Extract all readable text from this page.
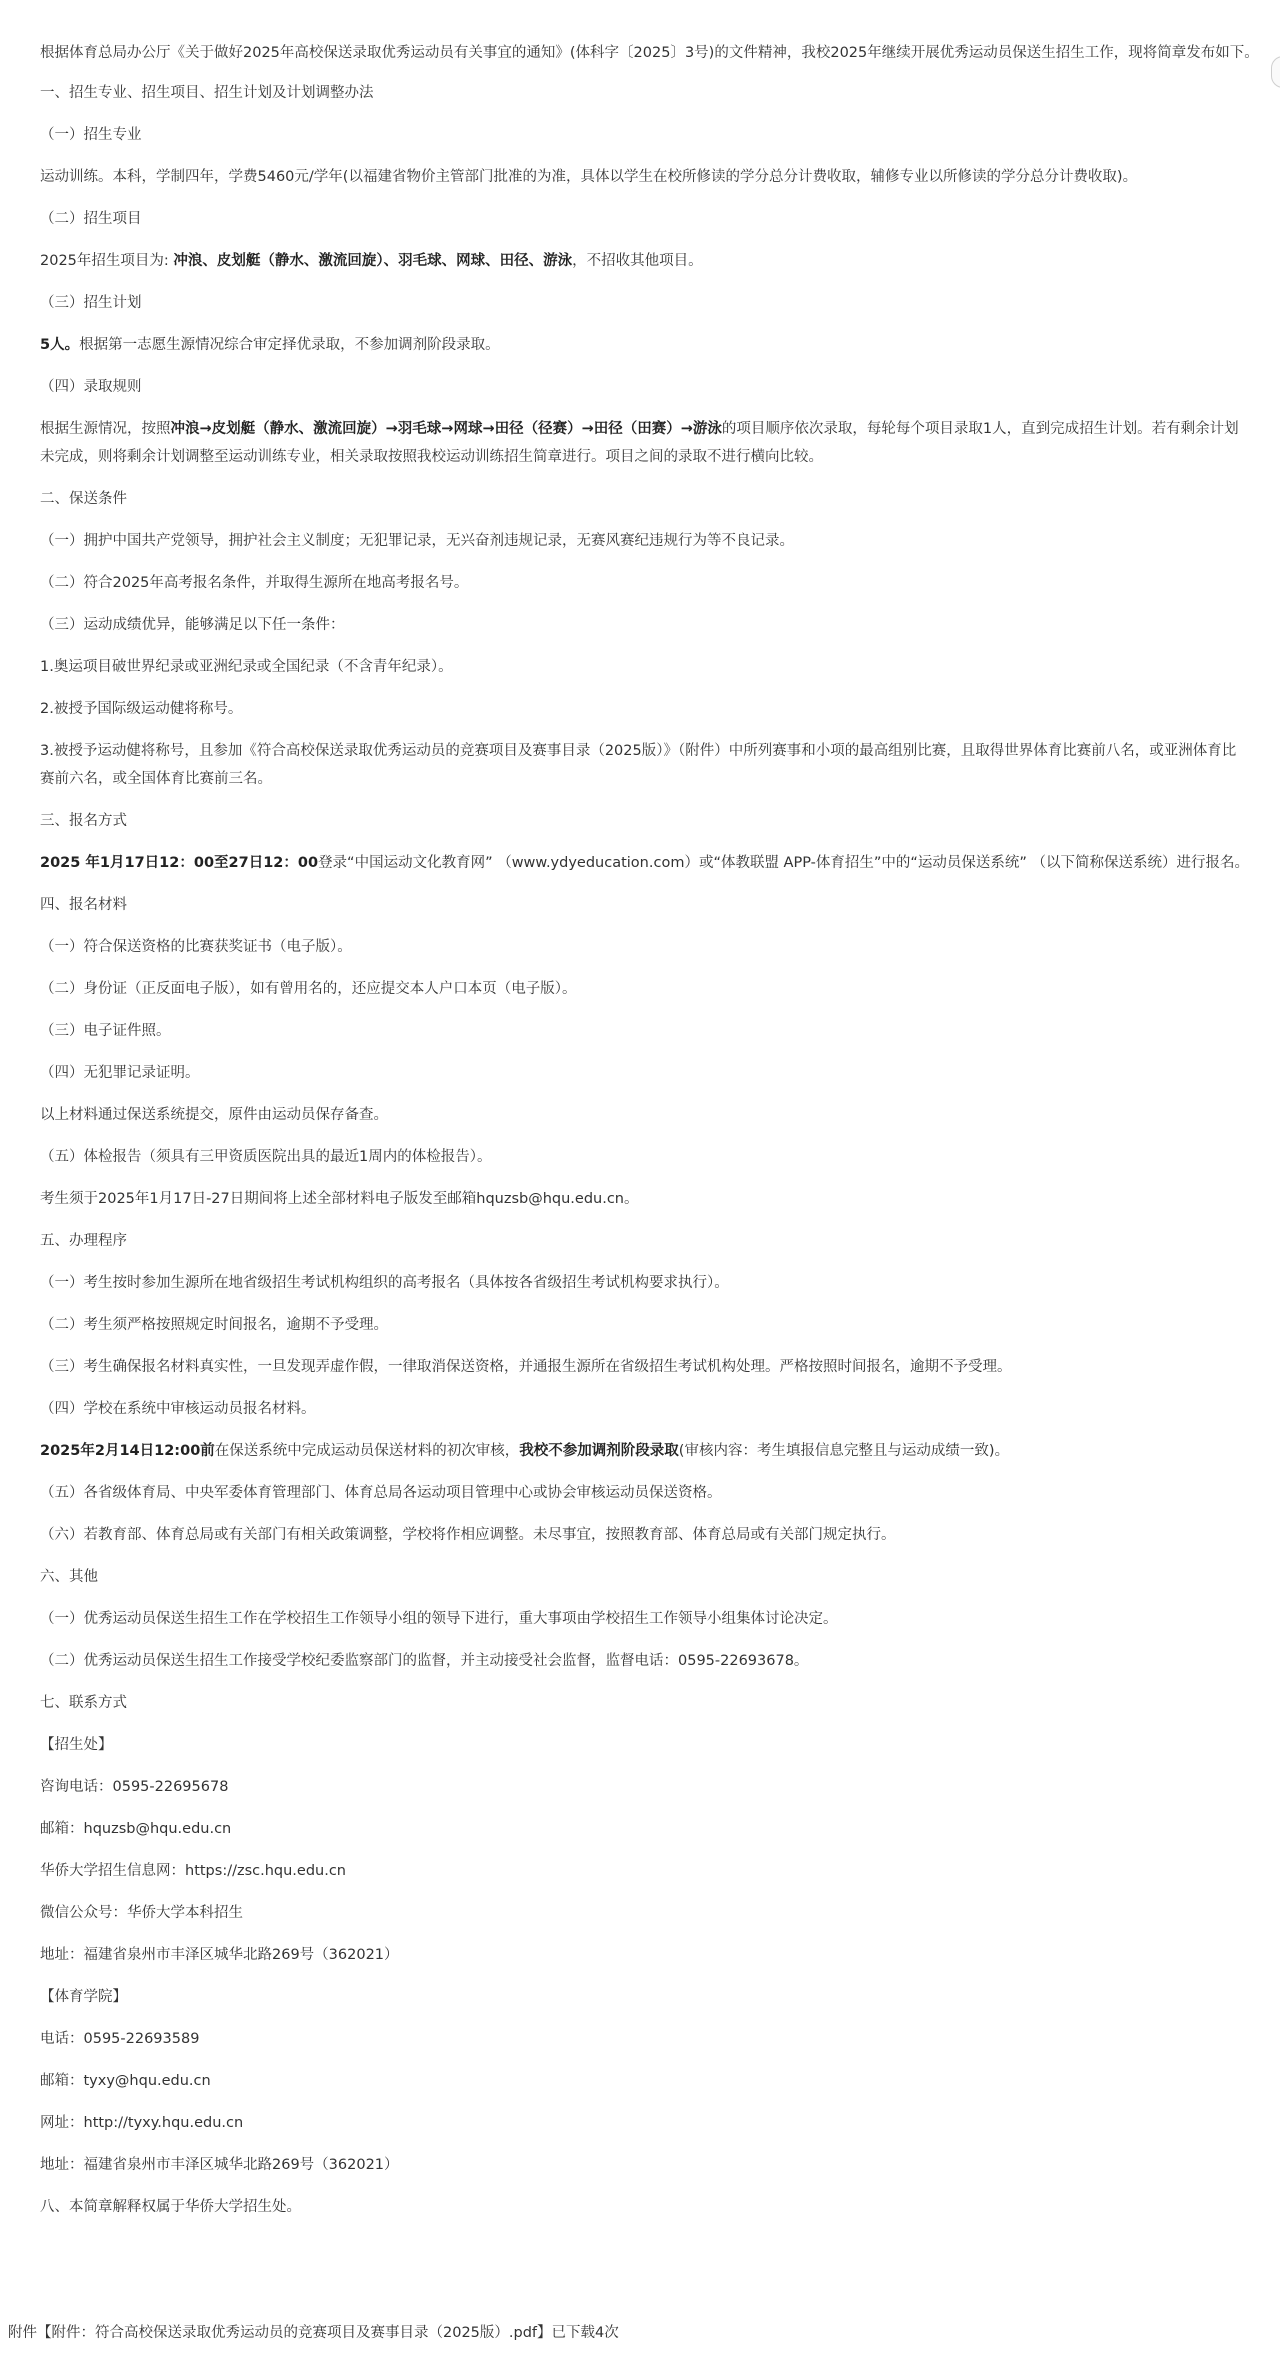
根据体育总局办公厅《关于做好2025年高校保送录取优秀运动员有关事宜的通知》(体科字〔2025〕3号)的文件精神，我校2025年继续开展优秀运动员保送生招生工作，现将简章发布如下。
一、招生专业、招生项目、招生计划及计划调整办法
（一）招生专业
运动训练。本科，学制四年，学费5460元/学年(以福建省物价主管部门批准的为准，具体以学生在校所修读的学分总分计费收取，辅修专业以所修读的学分总分计费收取)。
（二）招生项目
2025年招生项目为: 冲浪、皮划艇（静水、激流回旋）、羽毛球、网球、田径、游泳，不招收其他项目。
（三）招生计划
5人。根据第一志愿生源情况综合审定择优录取，不参加调剂阶段录取。
（四）录取规则
根据生源情况，按照冲浪→皮划艇（静水、激流回旋）→羽毛球→网球→田径（径赛）→田径（田赛）→游泳的项目顺序依次录取，每轮每个项目录取1人，直到完成招生计划。若有剩余计划
未完成，则将剩余计划调整至运动训练专业，相关录取按照我校运动训练招生简章进行。项目之间的录取不进行横向比较。
二、保送条件
（一）拥护中国共产党领导，拥护社会主义制度；无犯罪记录，无兴奋剂违规记录，无赛风赛纪违规行为等不良记录。
（二）符合2025年高考报名条件，并取得生源所在地高考报名号。
（三）运动成绩优异，能够满足以下任一条件：
1.奥运项目破世界纪录或亚洲纪录或全国纪录（不含青年纪录）。
2.被授予国际级运动健将称号。
3.被授予运动健将称号，且参加《符合高校保送录取优秀运动员的竞赛项目及赛事目录（2025版）》（附件）中所列赛事和小项的最高组别比赛，且取得世界体育比赛前八名，或亚洲体育比
赛前六名，或全国体育比赛前三名。
三、报名方式
2025 年1月17日12：00至27日12：00登录“中国运动文化教育网” （www.ydyeducation.com）或“体教联盟 APP-体育招生”中的“运动员保送系统” （以下简称保送系统）进行报名。
四、报名材料
（一）符合保送资格的比赛获奖证书（电子版）。
（二）身份证（正反面电子版），如有曾用名的，还应提交本人户口本页（电子版）。
（三）电子证件照。
（四）无犯罪记录证明。
以上材料通过保送系统提交，原件由运动员保存备查。
（五）体检报告（须具有三甲资质医院出具的最近1周内的体检报告）。
考生须于2025年1月17日-27日期间将上述全部材料电子版发至邮箱hquzsb@hqu.edu.cn。
五、办理程序
（一）考生按时参加生源所在地省级招生考试机构组织的高考报名（具体按各省级招生考试机构要求执行）。
（二）考生须严格按照规定时间报名，逾期不予受理。
（三）考生确保报名材料真实性，一旦发现弄虚作假，一律取消保送资格，并通报生源所在省级招生考试机构处理。严格按照时间报名，逾期不予受理。
（四）学校在系统中审核运动员报名材料。
2025年2月14日12:00前在保送系统中完成运动员保送材料的初次审核，我校不参加调剂阶段录取(审核内容：考生填报信息完整且与运动成绩一致)。
（五）各省级体育局、中央军委体育管理部门、体育总局各运动项目管理中心或协会审核运动员保送资格。
（六）若教育部、体育总局或有关部门有相关政策调整，学校将作相应调整。未尽事宜，按照教育部、体育总局或有关部门规定执行。
六、其他
（一）优秀运动员保送生招生工作在学校招生工作领导小组的领导下进行，重大事项由学校招生工作领导小组集体讨论决定。
（二）优秀运动员保送生招生工作接受学校纪委监察部门的监督，并主动接受社会监督，监督电话：0595-22693678。
七、联系方式
【招生处】
咨询电话：0595-22695678
邮箱：hquzsb@hqu.edu.cn
华侨大学招生信息网：https://zsc.hqu.edu.cn
微信公众号：华侨大学本科招生
地址：福建省泉州市丰泽区城华北路269号（362021）
【体育学院】
电话：0595-22693589
邮箱：tyxy@hqu.edu.cn
网址：http://tyxy.hqu.edu.cn
地址：福建省泉州市丰泽区城华北路269号（362021）
八、本简章解释权属于华侨大学招生处。
附件【附件：符合高校保送录取优秀运动员的竞赛项目及赛事目录（2025版）.pdf】已下载4次
